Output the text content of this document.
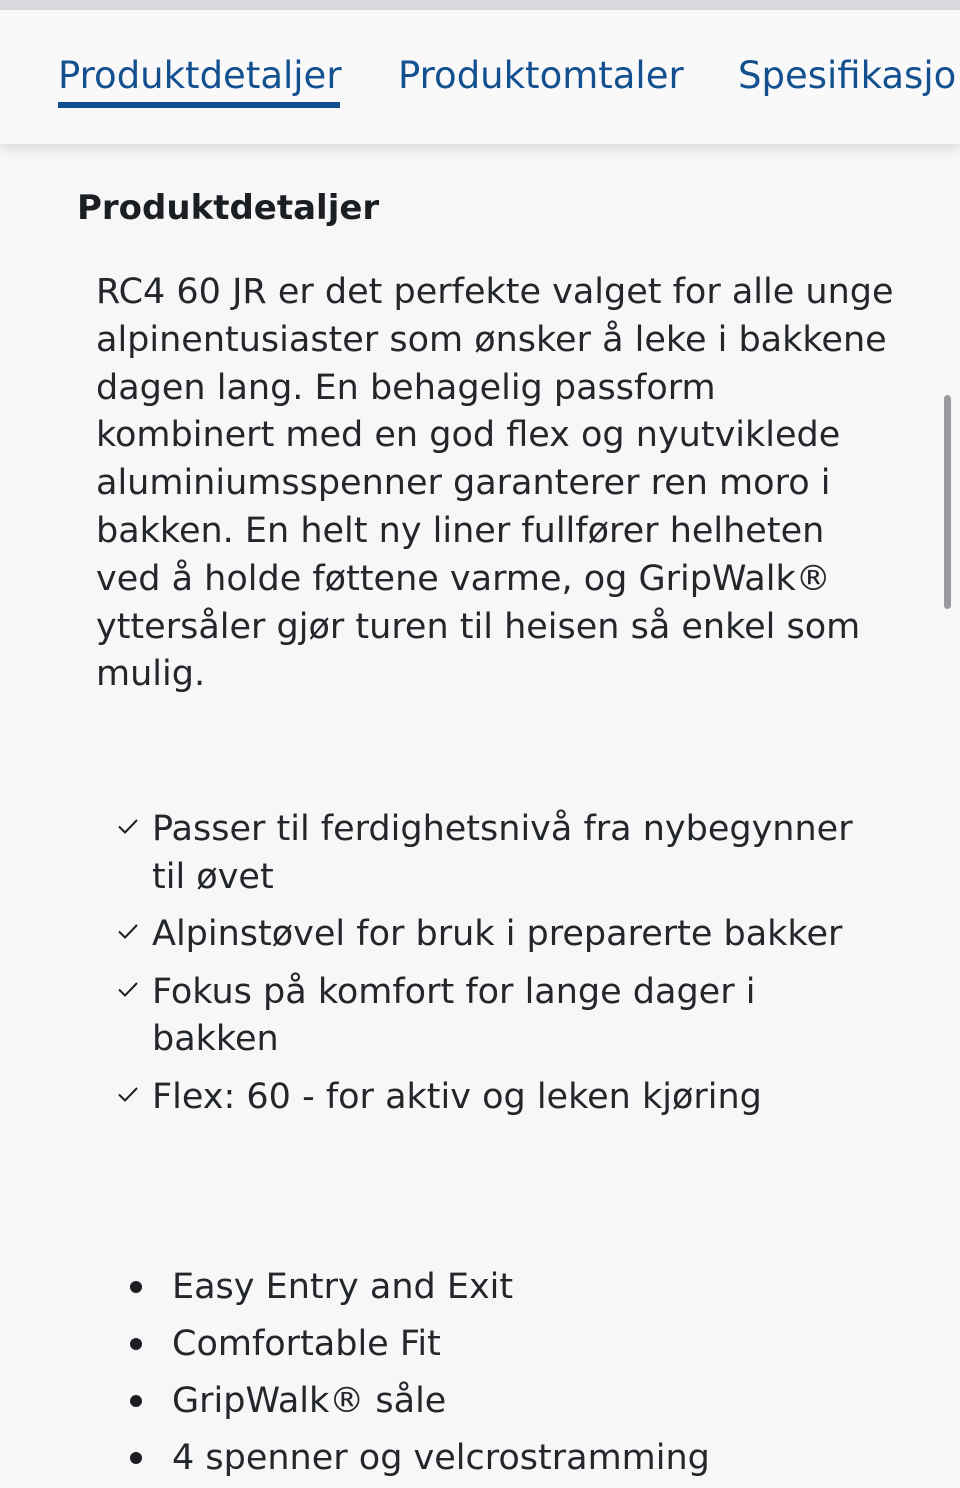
Produktdetaljer Produktomtaler Spesifikasjo
Produktdetaljer

RC4 60 JR er det perfekte valget for alle unge alpinentusiaster som ønsker å leke i bakkene dagen lang. En behagelig passform kombinert med en god flex og nyutviklede aluminiumsspenner garanterer ren moro i bakken. En helt ny liner fullfører helheten ved å holde føttene varme, og GripWalk® yttersåler gjør turen til heisen så enkel som mulig.

Passer til ferdighetsnivå fra nybegynner til øvet
Alpinstøvel for bruk i preparerte bakker
Fokus på komfort for lange dager i bakken
Flex: 60 - for aktiv og leken kjøring
Easy Entry and Exit
Comfortable Fit
GripWalk® såle
4 spenner og velcrostramming
